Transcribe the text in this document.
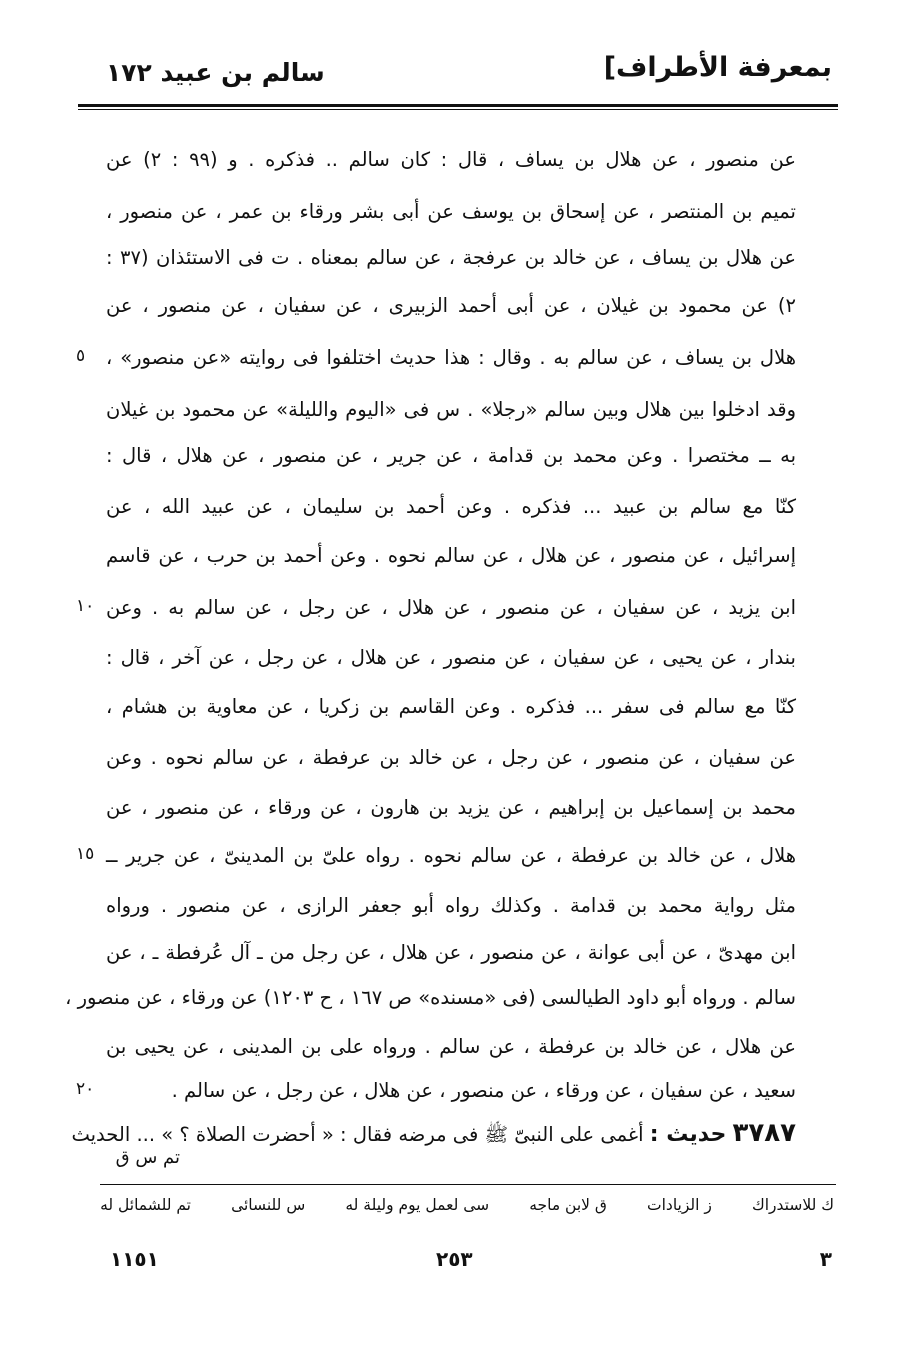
بمعرفة الأطراف]
سالم بن عبيد ١٧٢
عن منصور ، عن هلال بن يساف ، قال : كان سالم .. فذكره . و (٩٩ : ٢) عن
تميم بن المنتصر ، عن إسحاق بن يوسف عن أبى بشر ورقاء بن عمر ، عن منصور ،
عن هلال بن يساف ، عن خالد بن عرفجة ، عن سالم بمعناه . ت فى الاستئذان (٣٧ :
٢) عن محمود بن غيلان ، عن أبى أحمد الزبيرى ، عن سفيان ، عن منصور ، عن
هلال بن يساف ، عن سالم به . وقال : هذا حديث اختلفوا فى روايته «عن منصور» ،
وقد ادخلوا بين هلال وبين سالم «رجلا» . س فى «اليوم والليلة» عن محمود بن غيلان
به ــ مختصرا . وعن محمد بن قدامة ، عن جرير ، عن منصور ، عن هلال ، قال :
كنّا مع سالم بن عبيد ... فذكره . وعن أحمد بن سليمان ، عن عبيد الله ، عن
إسرائيل ، عن منصور ، عن هلال ، عن سالم نحوه . وعن أحمد بن حرب ، عن قاسم
ابن يزيد ، عن سفيان ، عن منصور ، عن هلال ، عن رجل ، عن سالم به . وعن
بندار ، عن يحيى ، عن سفيان ، عن منصور ، عن هلال ، عن رجل ، عن آخر ، قال :
كنّا مع سالم فى سفر ... فذكره . وعن القاسم بن زكريا ، عن معاوية بن هشام ،
عن سفيان ، عن منصور ، عن رجل ، عن خالد بن عرفطة ، عن سالم نحوه . وعن
محمد بن إسماعيل بن إبراهيم ، عن يزيد بن هارون ، عن ورقاء ، عن منصور ، عن
هلال ، عن خالد بن عرفطة ، عن سالم نحوه . رواه علىّ بن المدينىّ ، عن جرير ــ
مثل رواية محمد بن قدامة . وكذلك رواه أبو جعفر الرازى ، عن منصور . ورواه
ابن مهدىّ ، عن أبى عوانة ، عن منصور ، عن هلال ، عن رجل من ـ آل عُرفطة ـ ، عن
سالم . ورواه أبو داود الطيالسى (فى «مسنده» ص ١٦٧ ، ح ١٢٠٣) عن ورقاء ، عن منصور ،
عن هلال ، عن خالد بن عرفطة ، عن سالم . ورواه على بن المدينى ، عن يحيى بن
سعيد ، عن سفيان ، عن ورقاء ، عن منصور ، عن هلال ، عن رجل ، عن سالم .
٣٧٨٧ حديث : أغمى على النبىّ ﷺ فى مرضه فقال : « أحضرت الصلاة ؟ » ... الحديث
تم س ق
٥
١٠
١٥
٢٠
تم للشمائل له	س للنسائى	سى لعمل يوم وليلة له	ق لابن ماجه	ز الزيادات	ك للاستدراك
٣
٢٥٣
١١٥١
